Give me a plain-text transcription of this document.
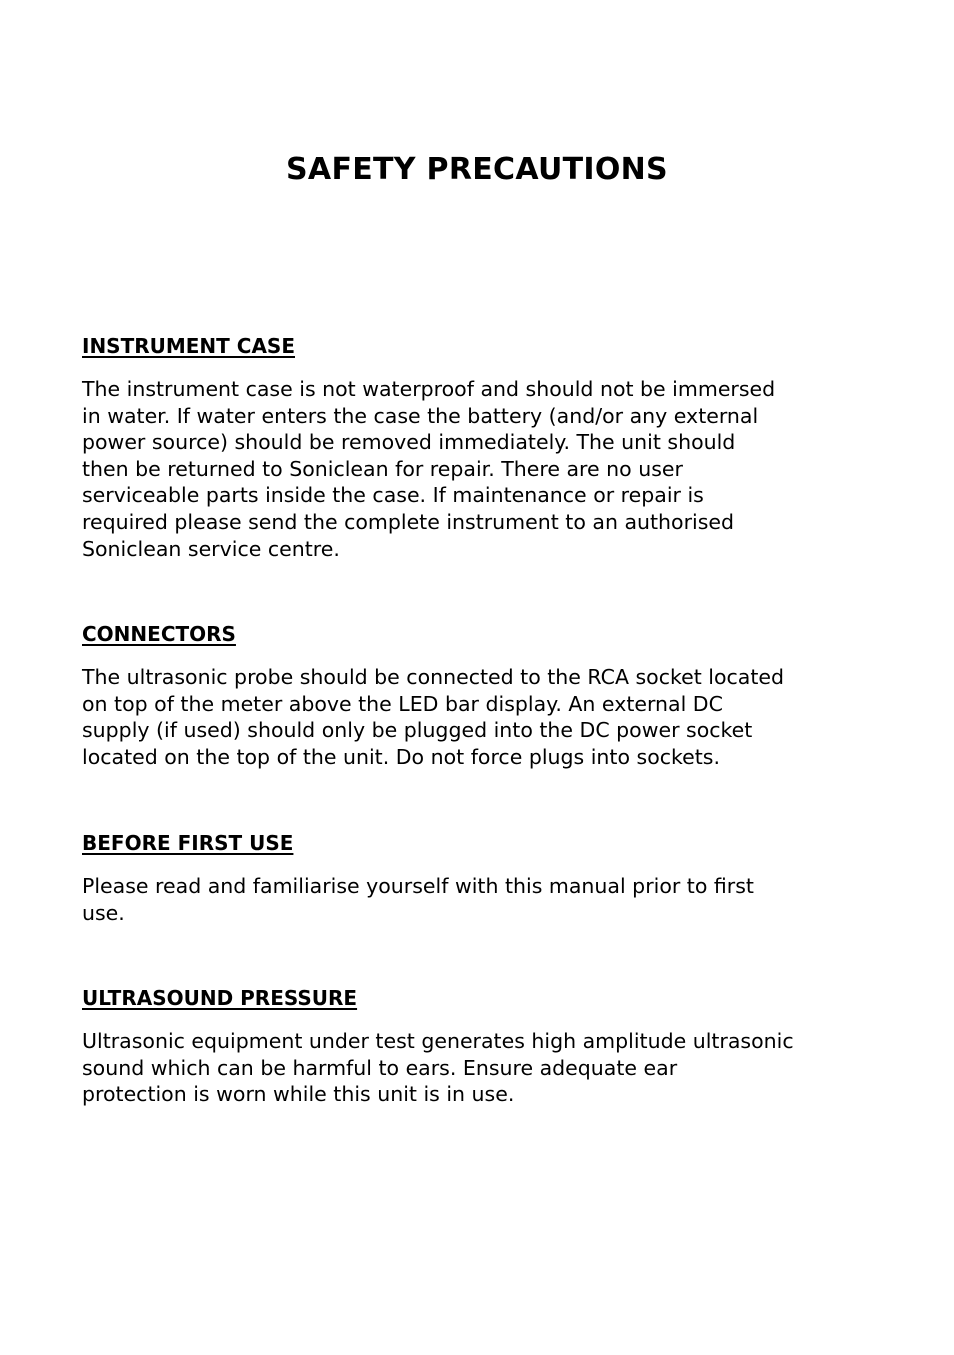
SAFETY PRECAUTIONS

INSTRUMENT CASE

The instrument case is not waterproof and should not be immersed
in water. If water enters the case the battery (and/or any external
power source) should be removed immediately. The unit should
then be returned to Soniclean for repair. There are no user
serviceable parts inside the case. If maintenance or repair is
required please send the complete instrument to an authorised
Soniclean service centre.

CONNECTORS

The ultrasonic probe should be connected to the RCA socket located
on top of the meter above the LED bar display. An external DC
supply (if used) should only be plugged into the DC power socket
located on the top of the unit. Do not force plugs into sockets.

BEFORE FIRST USE

Please read and familiarise yourself with this manual prior to first
use.

ULTRASOUND PRESSURE

Ultrasonic equipment under test generates high amplitude ultrasonic
sound which can be harmful to ears. Ensure adequate ear
protection is worn while this unit is in use.
